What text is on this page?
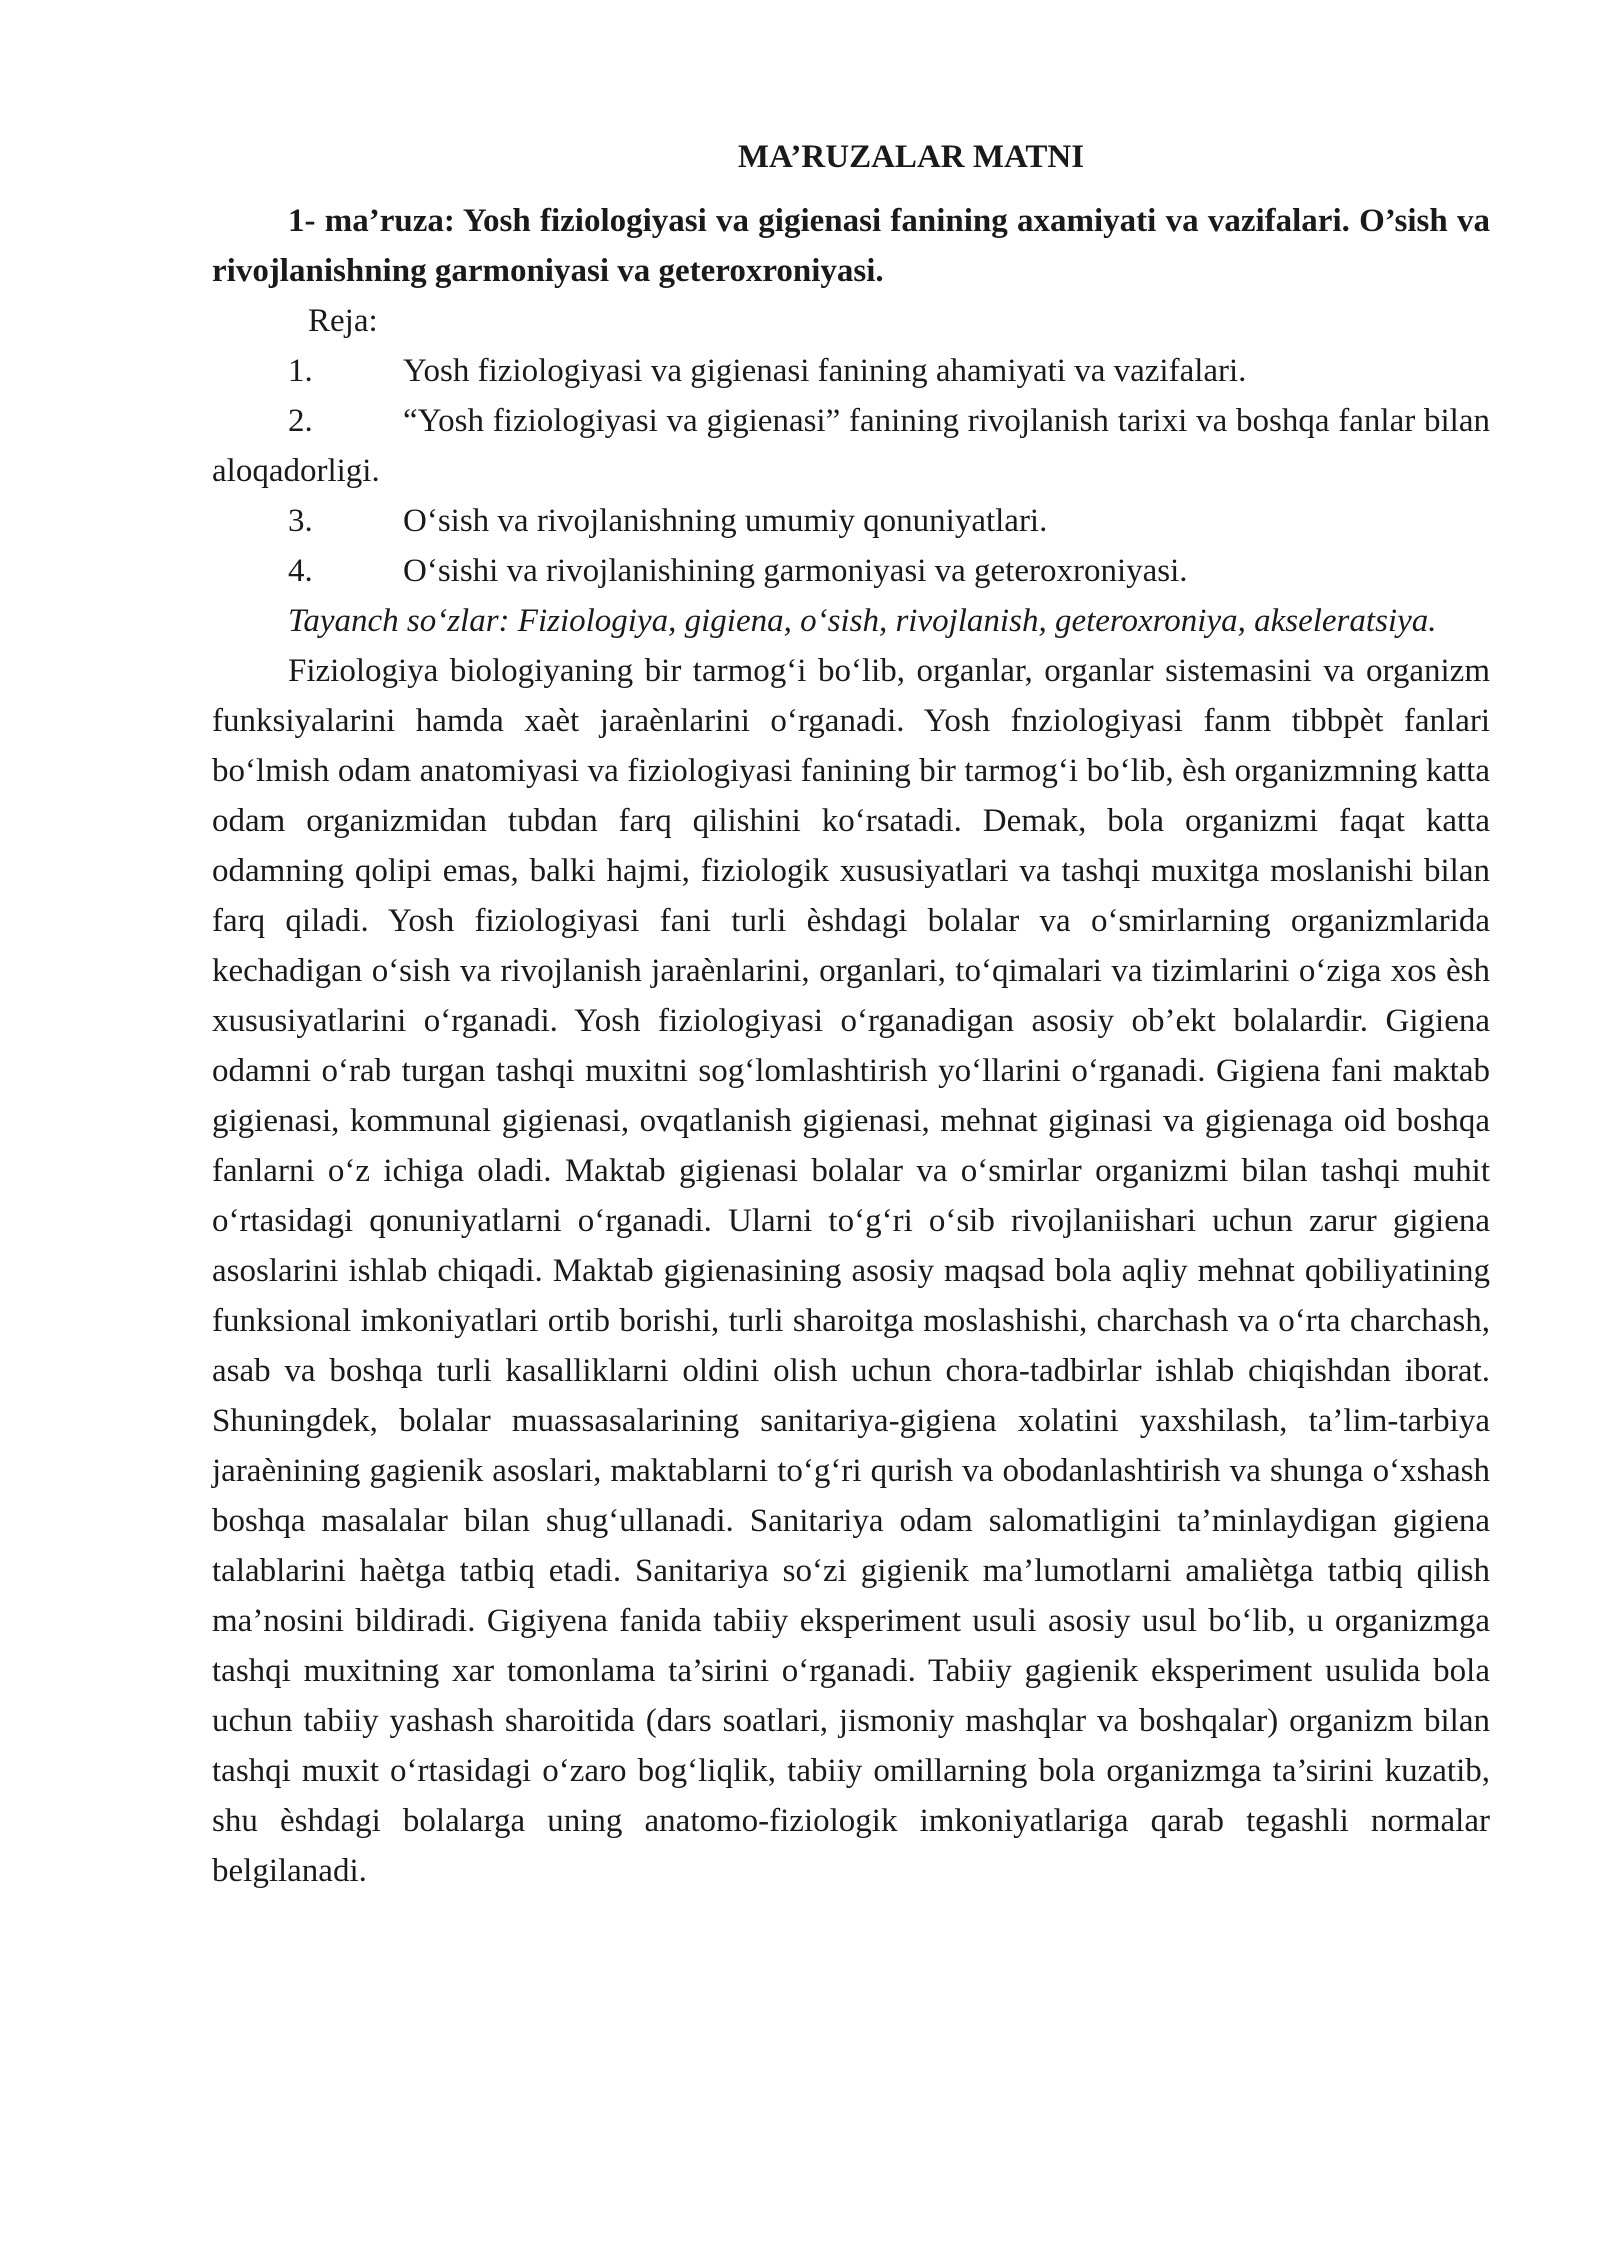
MA’RUZALAR MATNI

1- ma’ruza: Yosh fiziologiyasi va gigienasi fanining axamiyati va vazifalari. O’sish va rivojlanishning garmoniyasi va geteroxroniyasi.

Reja:

1.	Yosh fiziologiyasi va gigienasi fanining ahamiyati va vazifalari.
2.	“Yosh fiziologiyasi va gigienasi” fanining rivojlanish tarixi va boshqa fanlar bilan aloqadorligi.
3.	O‘sish va rivojlanishning umumiy qonuniyatlari.
4.	O‘sishi va rivojlanishining garmoniyasi va geteroxroniyasi.

Tayanch so‘zlar: Fiziologiya, gigiena, o‘sish, rivojlanish, geteroxroniya, akseleratsiya.

Fiziologiya biologiyaning bir tarmog‘i bo‘lib, organlar, organlar sistemasini va organizm funksiyalarini hamda xaèt jaraènlarini o‘rganadi. Yosh fnziologiyasi fanm tibbpèt fanlari bo‘lmish odam anatomiyasi va fiziologiyasi fanining bir tarmog‘i bo‘lib, èsh organizmning katta odam organizmidan tubdan farq qilishini ko‘rsatadi. Demak, bola organizmi faqat katta odamning qolipi emas, balki hajmi, fiziologik xususiyatlari va tashqi muxitga moslanishi bilan farq qiladi. Yosh fiziologiyasi fani turli èshdagi bolalar va o‘smirlarning organizmlarida kechadigan o‘sish va rivojlanish jaraènlarini, organlari, to‘qimalari va tizimlarini o‘ziga xos èsh xususiyatlarini o‘rganadi. Yosh fiziologiyasi o‘rganadigan asosiy ob’ekt bolalardir. Gigiena odamni o‘rab turgan tashqi muxitni sog‘lomlashtirish yo‘llarini o‘rganadi. Gigiena fani maktab gigienasi, kommunal gigienasi, ovqatlanish gigienasi, mehnat giginasi va gigienaga oid boshqa fanlarni o‘z ichiga oladi. Maktab gigienasi bolalar va o‘smirlar organizmi bilan tashqi muhit o‘rtasidagi qonuniyatlarni o‘rganadi. Ularni to‘g‘ri o‘sib rivojlaniishari uchun zarur gigiena asoslarini ishlab chiqadi. Maktab gigienasining asosiy maqsad bola aqliy mehnat qobiliyatining funksional imkoniyatlari ortib borishi, turli sharoitga moslashishi, charchash va o‘rta charchash, asab va boshqa turli kasalliklarni oldini olish uchun chora-tadbirlar ishlab chiqishdan iborat. Shuningdek, bolalar muassasalarining sanitariya-gigiena xolatini yaxshilash, ta’lim-tarbiya jaraènining gagienik asoslari, maktablarni to‘g‘ri qurish va obodanlashtirish va shunga o‘xshash boshqa masalalar bilan shug‘ullanadi. Sanitariya odam salomatligini ta’minlaydigan gigiena talablarini haètga tatbiq etadi. Sanitariya so‘zi gigienik ma’lumotlarni amaliètga tatbiq qilish ma’nosini bildiradi. Gigiyena fanida tabiiy eksperiment usuli asosiy usul bo‘lib, u organizmga tashqi muxitning xar tomonlama ta’sirini o‘rganadi. Tabiiy gagienik eksperiment usulida bola uchun tabiiy yashash sharoitida (dars soatlari, jismoniy mashqlar va boshqalar) organizm bilan tashqi muxit o‘rtasidagi o‘zaro bog‘liqlik, tabiiy omillarning bola organizmga ta’sirini kuzatib, shu èshdagi bolalarga uning anatomo-fiziologik imkoniyatlariga qarab tegashli normalar belgilanadi.
